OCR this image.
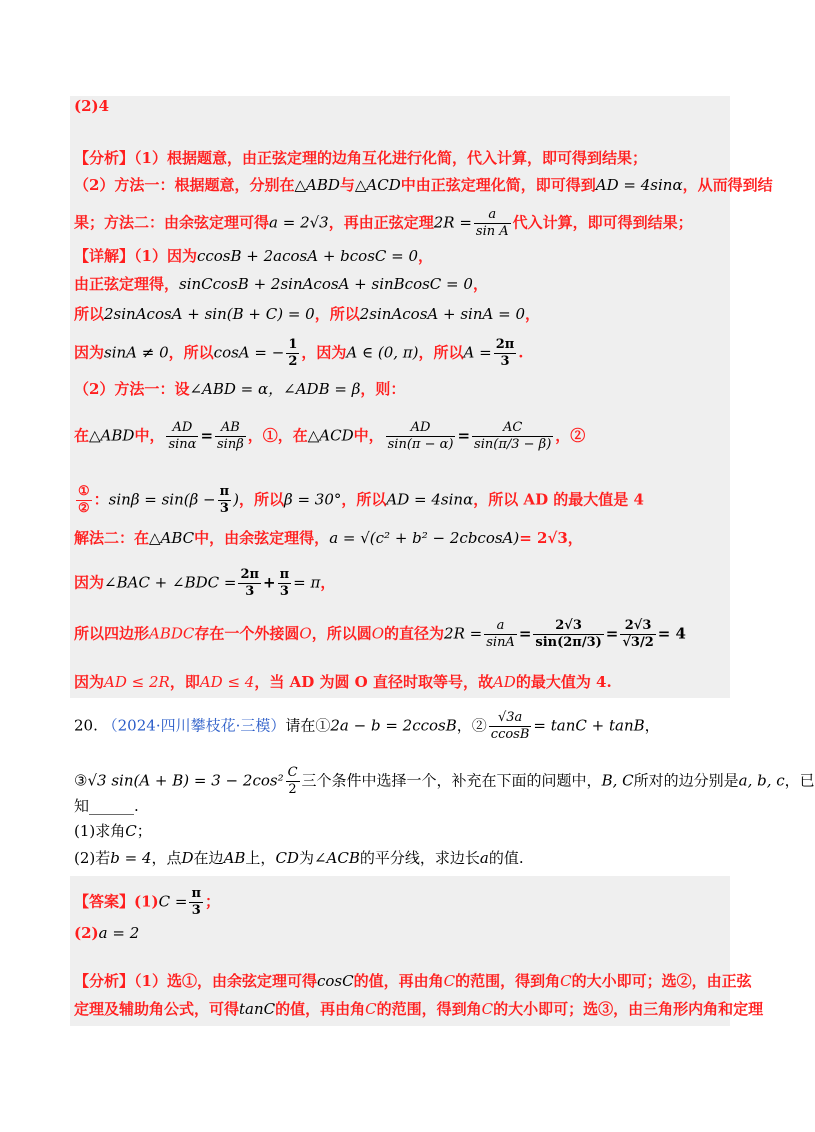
(2)4
【分析】（1）根据题意，由正弦定理的边角互化进行化简，代入计算，即可得到结果；
（2）方法一：根据题意，分别在△ABD与△ACD中由正弦定理化简，即可得到AD = 4sinα，从而得到结
果；方法二：由余弦定理可得a = 2√3，再由正弦定理$2R = \frac{a}{\text{sin A}}$ 代入计算，即可得到结果；
【详解】（1）因为ccosB + 2acosA + bcosC = 0，
由正弦定理得，sinCcosB + 2sinAcosA + sinBcosC = 0，
所以2sinAcosA + sin(B + C) = 0，所以2sinAcosA + sinA = 0，
因为sinA ≠ 0，所以cosA = − $\frac{1}{2}$ ，因为A ∈ (0, π)，所以$A = \frac{2\pi}{3}$ .
（2）方法一：设∠ABD = α，∠ADB = β，则：
在△ABD中， $\frac{AD}{\sin\alpha} = \frac{AB}{\sin\beta}$ ，①，在△ACD中， $\frac{AD}{\sin(\pi - \alpha)} = \frac{AC}{\sin(\pi/3 - \beta)}$ ，②
$\frac{\text{①}}{\text{②}}$ ：$\sin\beta = \sin(\beta - \frac{\pi}{3}$ )，所以β = 30°，所以AD = 4sinα，所以 AD 的最大值是 4
解法二：在△ABC中，由余弦定理得，a = √(c² + b² − 2cbcosA)= 2√3，
因为∠BAC + ∠BDC = $\frac{2\pi}{3} + \frac{\pi}{3} = \pi$，
所以四边形ABDC存在一个外接圆O，所以圆O的直径为$2R = \frac{a}{\sin A} = \frac{2√3}{\sin(2\pi/3)} = \frac{2√3}{√3/2} = 4$
因为AD ≤ 2R，即AD ≤ 4，当 AD 为圆 O 直径时取等号，故AD的最大值为 4.
20. （2024·四川攀枝花·三模）请在①2a − b = 2ccosB，② $\frac{√3a}{ccosB} = \tan C + \tan B$，
③√3 $\sin(A + B) = 3 - 2\cos^2 \frac{C}{2}$ 三个条件中选择一个，补充在下面的问题中，B, C所对的边分别是a, b, c，已
知______.
(1)求角C；
(2)若b = 4，点D在边AB上，CD为∠ACB的平分线，求边长a的值.
【答案】$(1)C = \frac{\pi}{3}$ ；
(2)a = 2
【分析】（1）选①，由余弦定理可得cosC的值，再由角C的范围，得到角C的大小即可；选②，由正弦
定理及辅助角公式，可得tanC的值，再由角C的范围，得到角C的大小即可；选③，由三角形内角和定理
